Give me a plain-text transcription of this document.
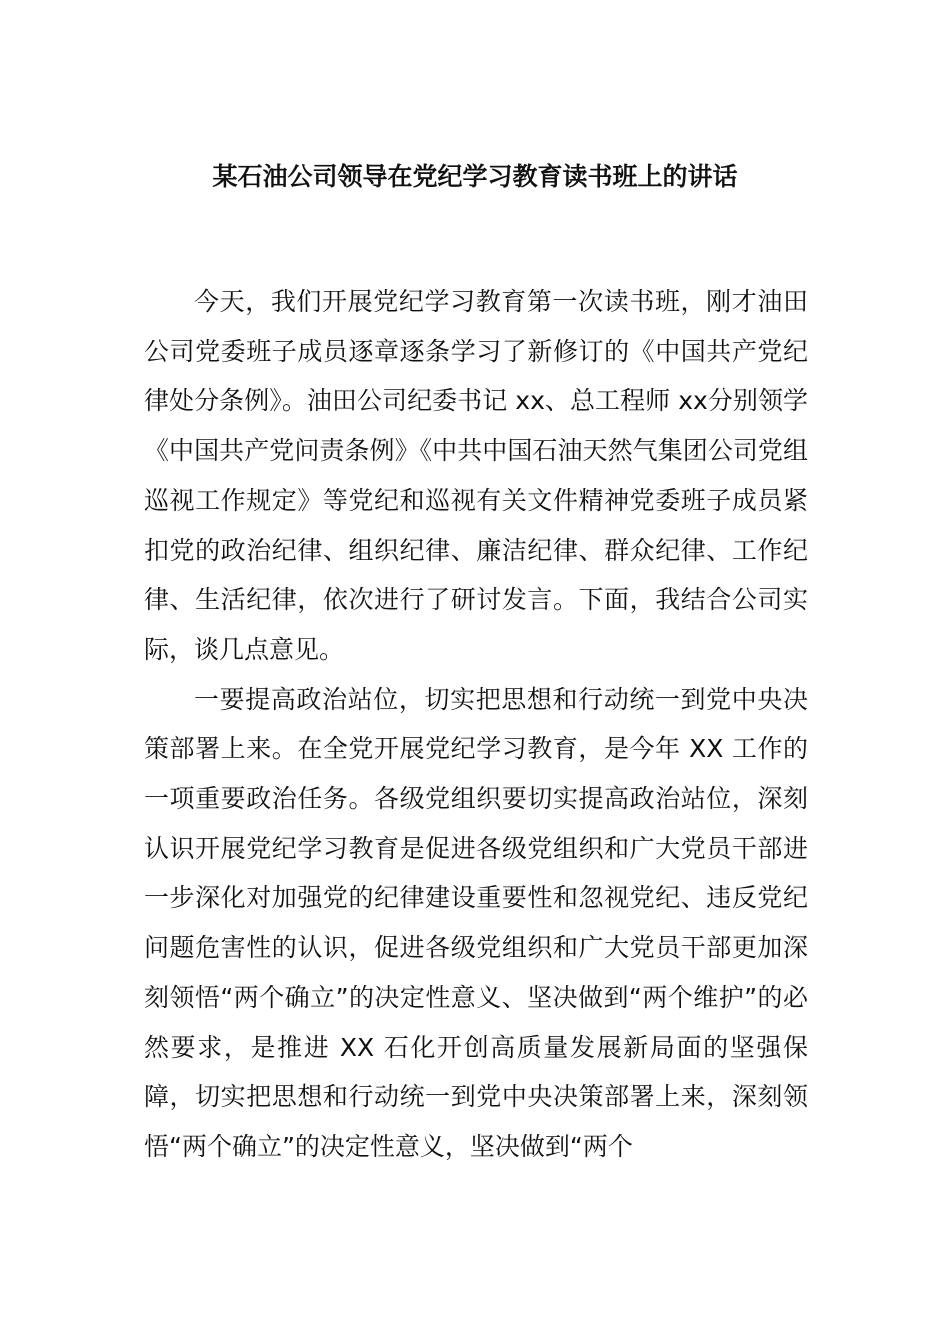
某石油公司领导在党纪学习教育读书班上的讲话

今天，我们开展党纪学习教育第一次读书班，刚才油田公司党委班子成员逐章逐条学习了新修订的《中国共产党纪律处分条例》。油田公司纪委书记 xx、总工程师 xx分别领学《中国共产党问责条例》《中共中国石油天然气集团公司党组巡视工作规定》等党纪和巡视有关文件精神党委班子成员紧扣党的政治纪律、组织纪律、廉洁纪律、群众纪律、工作纪律、生活纪律，依次进行了研讨发言。下面，我结合公司实际，谈几点意见。

一要提高政治站位，切实把思想和行动统一到党中央决策部署上来。在全党开展党纪学习教育，是今年 XX 工作的一项重要政治任务。各级党组织要切实提高政治站位，深刻认识开展党纪学习教育是促进各级党组织和广大党员干部进一步深化对加强党的纪律建设重要性和忽视党纪、违反党纪问题危害性的认识，促进各级党组织和广大党员干部更加深刻领悟“两个确立”的决定性意义、坚决做到“两个维护”的必然要求，是推进 XX 石化开创高质量发展新局面的坚强保障，切实把思想和行动统一到党中央决策部署上来，深刻领悟“两个确立”的决定性意义，坚决做到“两个
